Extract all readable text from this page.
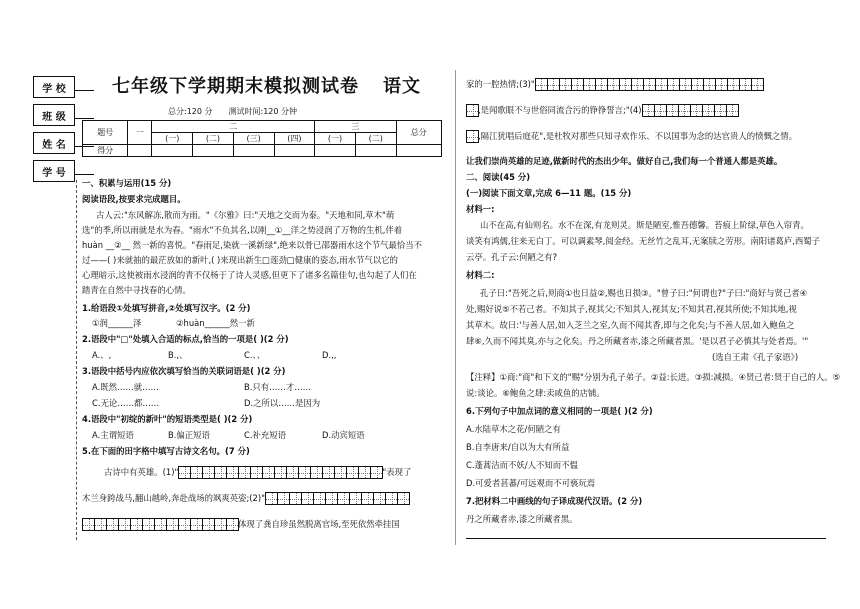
学 校
班 级
姓 名
学 号
七年级下学期期末模拟测试卷 语文
总分:120 分 测试时间:120 分钟
题号	一	二				三		总分
		(一)	(二)	(三)	(四)	(一)	(二)	
得分								
一、积累与运用(15 分)
阅读语段,按要求完成题目。
古人云:"东风解冻,散而为雨。"《尔雅》曰:"天地之交而为泰。"天地和同,草木"萌
选"的季,所以雨就是水为春。"雨水"不负其名,以刚__①__洋之势浸润了万物的生机,伴着
huàn __②__ 然一新的喜悦。"春雨足,染就一溪新绿",绝来以骨已邵器雨水这个节气最恰当不
过——( )来就抽的最茫放如的新叶,( )来现出新生□莲劲□健康的姿态,雨水节气以它的
心理暗示,这使被雨水浸润的青不仅杨于了诗人灵感,但更下了诸多名篇佳句,也勾起了人们在
踏青在自然中寻找春的心情。
1.给语段①处填写拼音,②处填写汉字。(2 分)
①润______泽	②huàn______然一新
2.语段中"□"处填入合适的标点,恰当的一项是( )(2 分)
A.、,	B.,、	C.、、	D.,,
3.语段中括号内应依次填写恰当的关联词语是( )(2 分)
A.既然……就……	B.只有……才……
C.无论……都……	D.之所以……是因为
4.语段中"初绽的新叶"的短语类型是( )(2 分)
A.主谓短语	B.偏正短语	C.补充短语	D.动宾短语
5.在下面的田字格中填写古诗文名句。(7 分)
古诗中有英雄。(1)"	"表现了
木兰身跨战马,翻山越岭,奔赴战场的飒爽英姿;(2)"
体现了龚自珍虽然脱离官场,至死依然牵挂国
家的一腔热情;(3)"
,是闻歌眼不与世俗同流合污的铮铮誓言;"(4)
,隔江犹唱后庭花",是杜牧对那些只知寻欢作乐、不以国事为念的达官贵人的愤慨之情。
让我们崇尚英雄的足迹,做新时代的杰出少年。做好自己,我们每一个普通人都是英雄。
二、阅读(45 分)
(一)阅读下面文章,完成 6—11 题。(15 分)
材料一:
山不在高,有仙则名。水不在深,有龙则灵。斯是陋室,惟吾德馨。苔痕上阶绿,草色入帘青。
谈笑有鸿儒,往来无白丁。可以调素琴,阅金经。无丝竹之乱耳,无案牍之劳形。南阳诸葛庐,西蜀子
云亭。孔子云:何陋之有?
材料二:
孔子曰:"吾死之后,则商①也日益②,赐也日损③。"曾子曰:"何谓也?"子曰:"商好与贤己者④
处,赐好说⑤不若己者。不知其子,视其父;不知其人,视其友;不知其君,视其所使;不知其地,视
其草木。故曰:'与善人居,如入芝兰之室,久而不闻其香,即与之化矣;与不善人居,如入鲍鱼之
肆⑥,久而不闻其臭,亦与之化矣。丹之所藏者赤,漆之所藏者黑。'是以君子必慎其与处者焉。'"
(选自王肃《孔子家语》)
【注释】①商:"商"和下文的"赐"分别为孔子弟子。②益:长进。③损:减损。④贤己者:贤于自己的人。⑤
说:谈论。⑥鲍鱼之肆:卖咸鱼的店铺。
6.下列句子中加点词的意义相同的一项是( )(2 分)
A.水陆草木之花/何陋之有
B.自李唐来/自以为大有所益
C.蓬蒿洁而不妖/人不知而不愠
D.可爱者甚蕃/可远观而不可亵玩焉
7.把材料二中画线的句子译成现代汉语。(2 分)
丹之所藏者赤,漆之所藏者黑。
